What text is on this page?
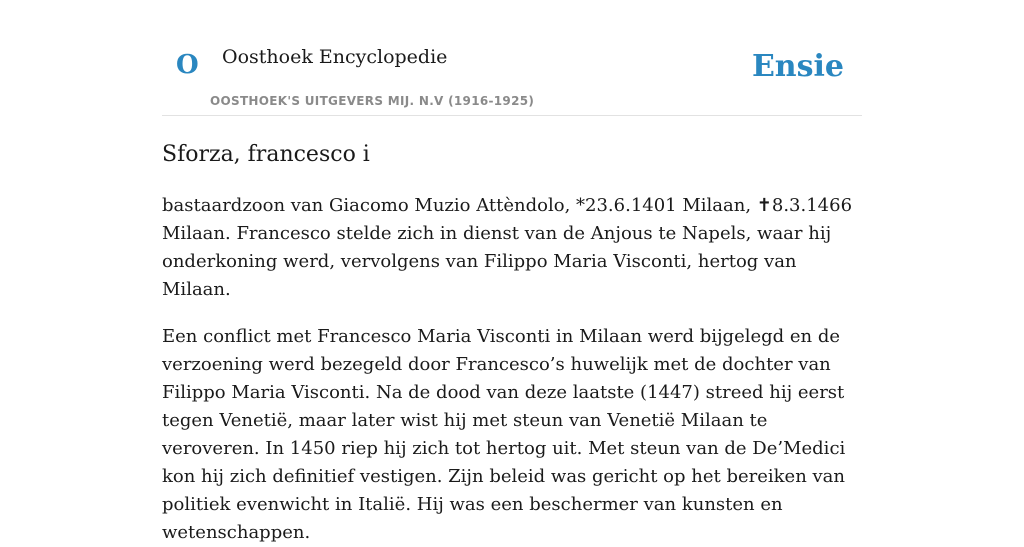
O Oosthoek Encyclopedie
OOSTHOEK'S UITGEVERS MIJ. N.V (1916-1925)
Ensie
Sforza, francesco i

bastaardzoon van Giacomo Muzio Attèndolo, *23.6.1401 Milaan, ✝8.3.1466 Milaan. Francesco stelde zich in dienst van de Anjous te Napels, waar hij onderkoning werd, vervolgens van Filippo Maria Visconti, hertog van Milaan.

Een conflict met Francesco Maria Visconti in Milaan werd bijgelegd en de verzoening werd bezegeld door Francesco’s huwelijk met de dochter van Filippo Maria Visconti. Na de dood van deze laatste (1447) streed hij eerst tegen Venetië, maar later wist hij met steun van Venetië Milaan te veroveren. In 1450 riep hij zich tot hertog uit. Met steun van de De’Medici kon hij zich definitief vestigen. Zijn beleid was gericht op het bereiken van politiek evenwicht in Italië. Hij was een beschermer van kunsten en wetenschappen.
